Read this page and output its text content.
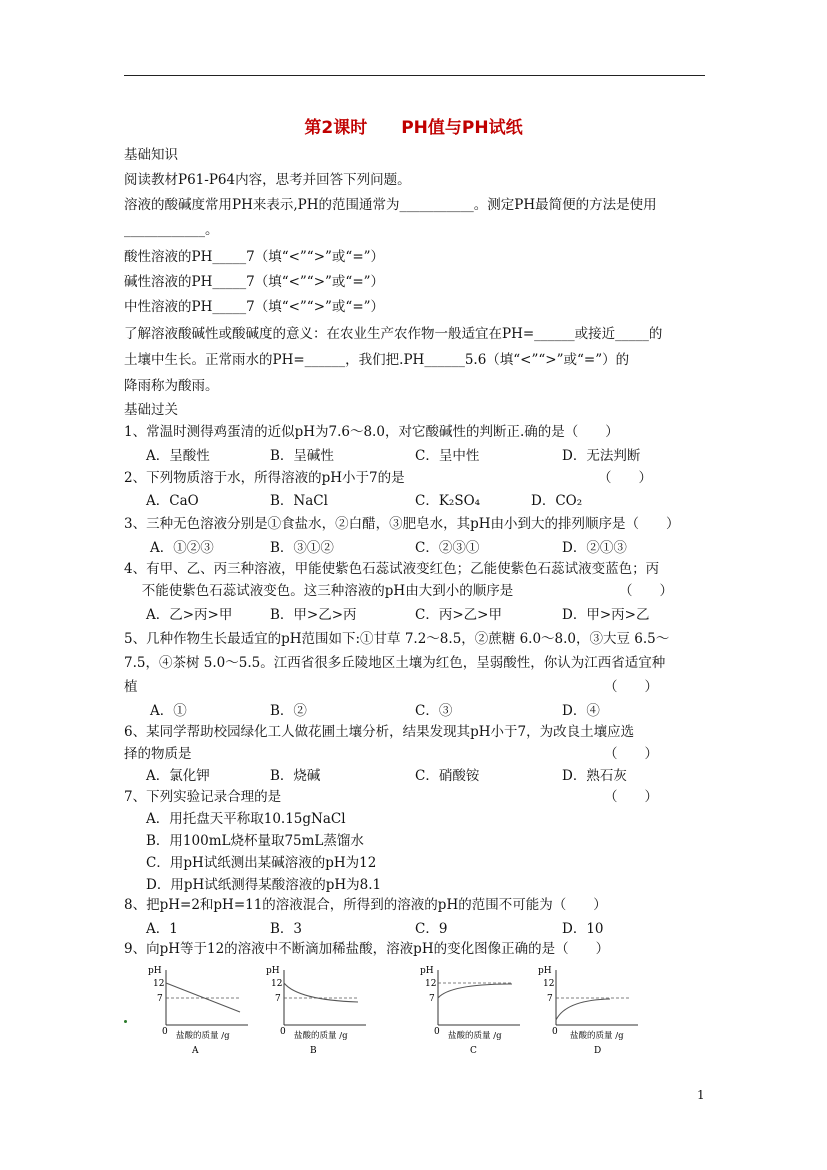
第2课时　　PH值与PH试纸
基础知识
阅读教材P61-P64内容，思考并回答下列问题。
溶液的酸碱度常用PH来表示,PH的范围通常为___________。测定PH最简便的方法是使用
____________。
酸性溶液的PH_____7（填“<”“>”或“=”）
碱性溶液的PH_____7（填“<”“>”或“=”）
中性溶液的PH_____7（填“<”“>”或“=”）
了解溶液酸碱性或酸碱度的意义：在农业生产农作物一般适宜在PH=______或接近_____的
土壤中生长。正常雨水的PH=______，我们把.PH______5.6（填“<”“>”或“=”）的
降雨称为酸雨。
基础过关
1、常温时测得鸡蛋清的近似pH为7.6～8.0，对它酸碱性的判断正.确的是（　　）
A．呈酸性	B．呈碱性	C．呈中性	D．无法判断
2、下列物质溶于水，所得溶液的pH小于7的是	（　　）
A．CaO	B．NaCl	C．K₂SO₄	D．CO₂
3、三种无色溶液分别是①食盐水，②白醋，③肥皂水，其pH由小到大的排列顺序是（　　）
A．①②③	B．③①②	C．②③①	D．②①③
4、有甲、乙、丙三种溶液，甲能使紫色石蕊试液变红色；乙能使紫色石蕊试液变蓝色；丙
　 不能使紫色石蕊试液变色。这三种溶液的pH由大到小的顺序是	（　　）
A．乙>丙>甲	B．甲>乙>丙	C．丙>乙>甲	D．甲>丙>乙
5、几种作物生长最适宜的pH范围如下:①甘草 7.2～8.5，②蔗糖 6.0～8.0，③大豆 6.5～
7.5，④茶树 5.0～5.5。江西省很多丘陵地区土壤为红色，呈弱酸性，你认为江西省适宜种
植	（　　）
A．①	B．②	C．③	D．④
6、某同学帮助校园绿化工人做花圃土壤分析，结果发现其pH小于7，为改良土壤应选
择的物质是	（　　）
A．氯化钾	B．烧碱	C．硝酸铵	D．熟石灰
7、下列实验记录合理的是	（　　）
A．用托盘天平称取10.15gNaCl
B．用100mL烧杯量取75mL蒸馏水
C．用pH试纸测出某碱溶液的pH为12
D．用pH试纸测得某酸溶液的pH为8.1
8、把pH=2和pH=11的溶液混合，所得到的溶液的pH的范围不可能为（　　）
A．1	B．3	C．9	D．10
9、向pH等于12的溶液中不断滴加稀盐酸，溶液pH的变化图像正确的是（　　）
pH
12
7
0 盐酸的质量 /g
A
pH
12
7
0 盐酸的质量 /g
B
pH
12
7
0 盐酸的质量 /g
C
pH
12
7
0 盐酸的质量 /g
D
1
